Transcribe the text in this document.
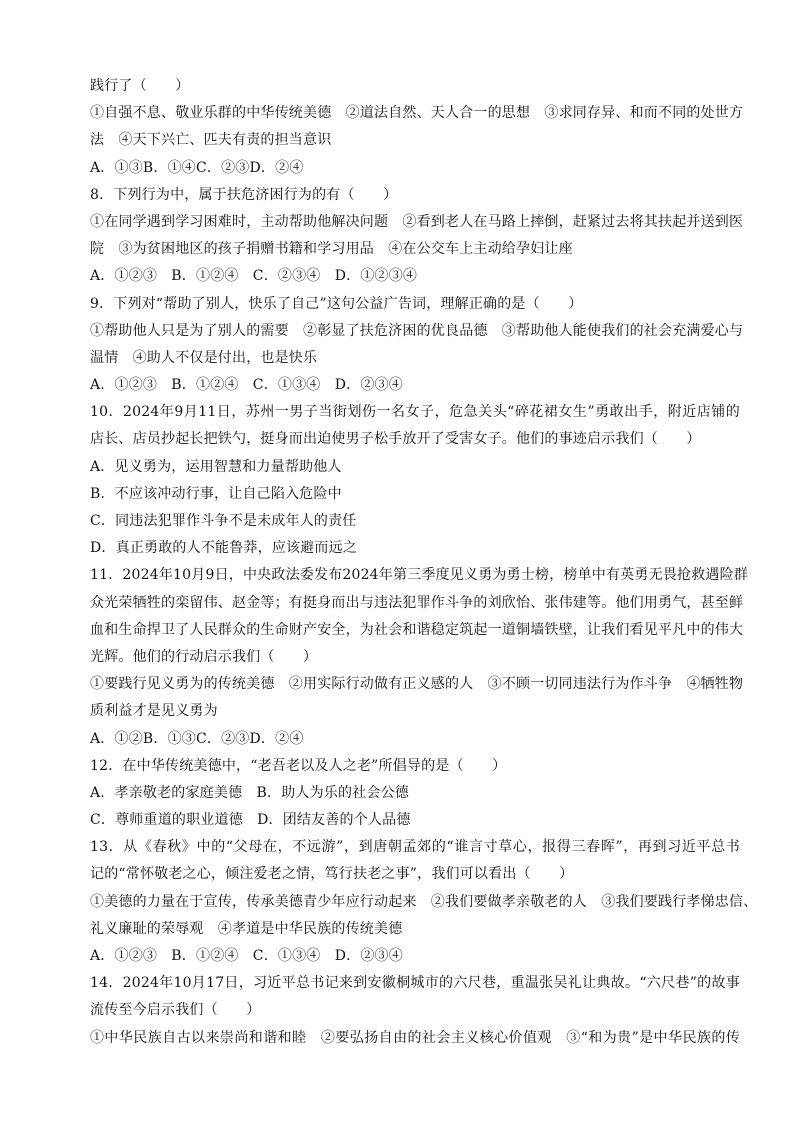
践行了（　　）
①自强不息、敬业乐群的中华传统美德　②道法自然、天人合一的思想　③求同存异、和而不同的处世方
法　④天下兴亡、匹夫有责的担当意识
A．①③B．①④C．②③D．②④
8．下列行为中，属于扶危济困行为的有（　　）
①在同学遇到学习困难时，主动帮助他解决问题　②看到老人在马路上摔倒，赶紧过去将其扶起并送到医
院　③为贫困地区的孩子捐赠书籍和学习用品　④在公交车上主动给孕妇让座
A．①②③　B．①②④　C．②③④　D．①②③④
9．下列对“帮助了别人，快乐了自己”这句公益广告词，理解正确的是（　　）
①帮助他人只是为了别人的需要　②彰显了扶危济困的优良品德　③帮助他人能使我们的社会充满爱心与
温情　④助人不仅是付出，也是快乐
A．①②③　B．①②④　C．①③④　D．②③④
10．2024年9月11日，苏州一男子当街划伤一名女子，危急关头“碎花裙女生”勇敢出手，附近店铺的
店长、店员抄起长把铁勺，挺身而出迫使男子松手放开了受害女子。他们的事迹启示我们（　　）
A．见义勇为，运用智慧和力量帮助他人
B．不应该冲动行事，让自己陷入危险中
C．同违法犯罪作斗争不是未成年人的责任
D．真正勇敢的人不能鲁莽，应该避而远之
11．2024年10月9日，中央政法委发布2024年第三季度见义勇为勇士榜，榜单中有英勇无畏抢救遇险群
众光荣牺牲的栾留伟、赵金等；有挺身而出与违法犯罪作斗争的刘欣怡、张伟建等。他们用勇气，甚至鲜
血和生命捍卫了人民群众的生命财产安全，为社会和谐稳定筑起一道铜墙铁壁，让我们看见平凡中的伟大
光辉。他们的行动启示我们（　　）
①要践行见义勇为的传统美德　②用实际行动做有正义感的人　③不顾一切同违法行为作斗争　④牺牲物
质利益才是见义勇为
A．①②B．①③C．②③D．②④
12．在中华传统美德中，“老吾老以及人之老”所倡导的是（　　）
A．孝亲敬老的家庭美德　B．助人为乐的社会公德
C．尊师重道的职业道德　D．团结友善的个人品德
13．从《春秋》中的“父母在，不远游”，到唐朝孟郊的“谁言寸草心，报得三春晖”，再到习近平总书
记的“常怀敬老之心，倾注爱老之情，笃行扶老之事”，我们可以看出（　　）
①美德的力量在于宣传，传承美德青少年应行动起来　②我们要做孝亲敬老的人　③我们要践行孝悌忠信、
礼义廉耻的荣辱观　④孝道是中华民族的传统美德
A．①②③　B．①②④　C．①③④　D．②③④
14．2024年10月17日，习近平总书记来到安徽桐城市的六尺巷，重温张吴礼让典故。“六尺巷”的故事
流传至今启示我们（　　）
①中华民族自古以来崇尚和谐和睦　②要弘扬自由的社会主义核心价值观　③“和为贵”是中华民族的传
